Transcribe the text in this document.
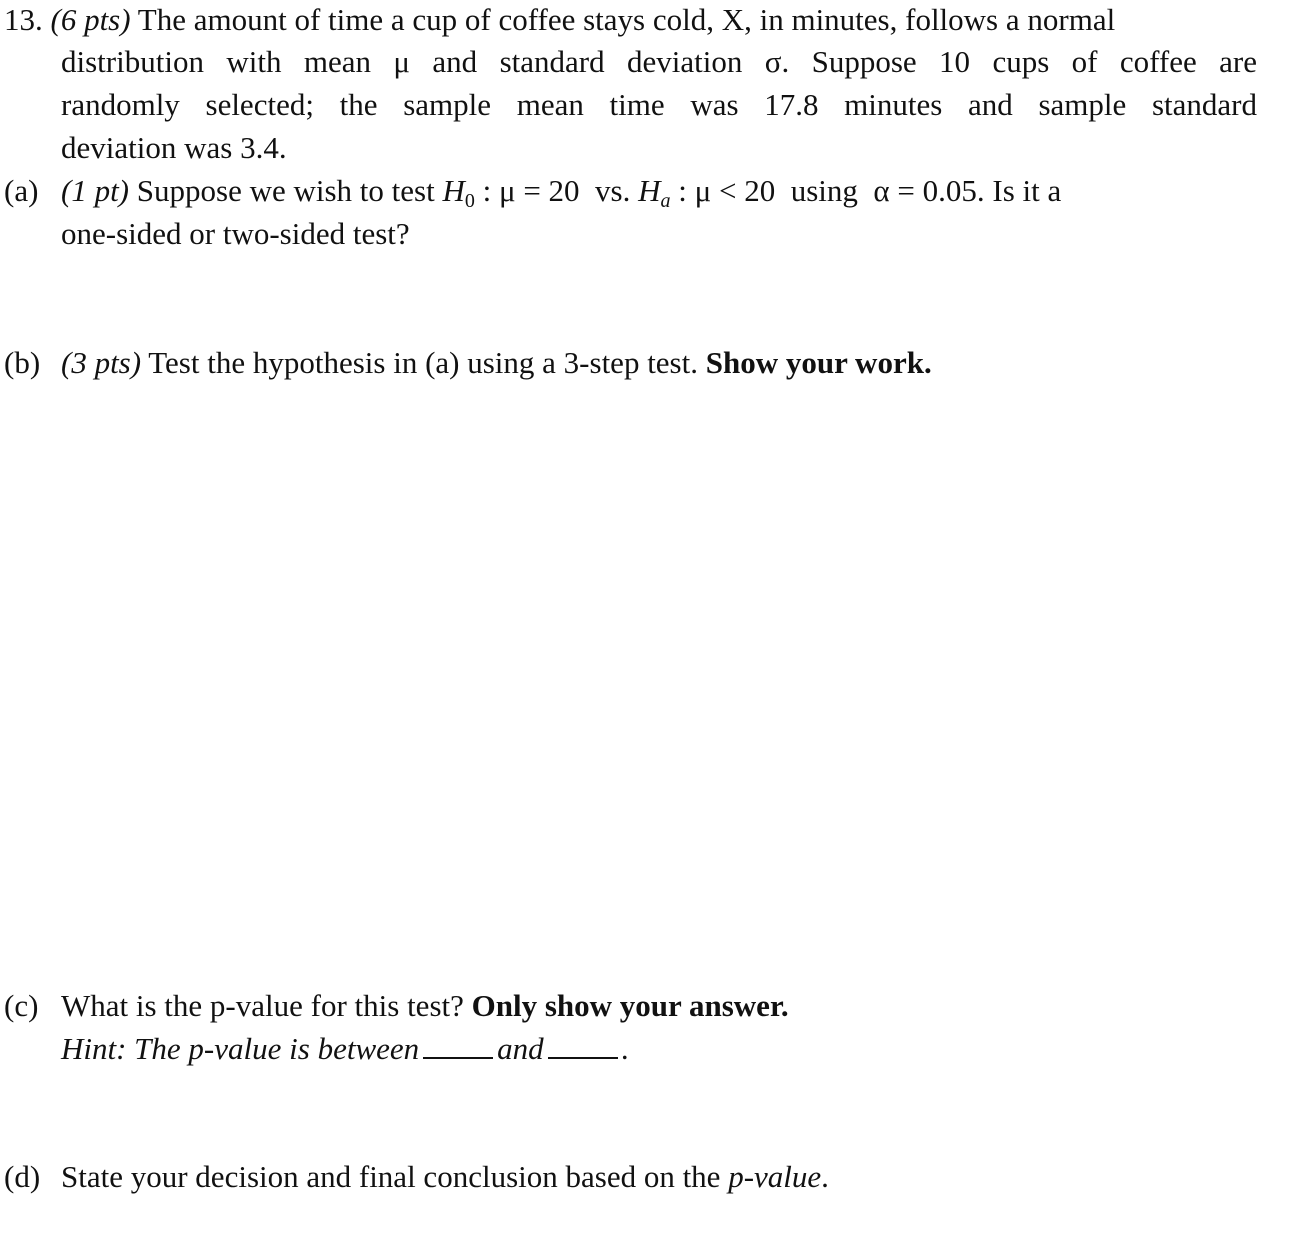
13. (6 pts) The amount of time a cup of coffee stays cold, X, in minutes, follows a normal
distribution with mean μ and standard deviation σ. Suppose 10 cups of coffee are
randomly selected; the sample mean time was 17.8 minutes and sample standard
deviation was 3.4.
(a) (1 pt) Suppose we wish to test $H_0$ : μ = 20  vs. $H_a$ : μ < 20  using  α = 0.05. Is it a
one-sided or two-sided test?
(b) (3 pts) Test the hypothesis in (a) using a 3-step test. Show your work.
(c) What is the p-value for this test? Only show your answer.
Hint: The p-value is between	and	.
(d) State your decision and final conclusion based on the p-value.
